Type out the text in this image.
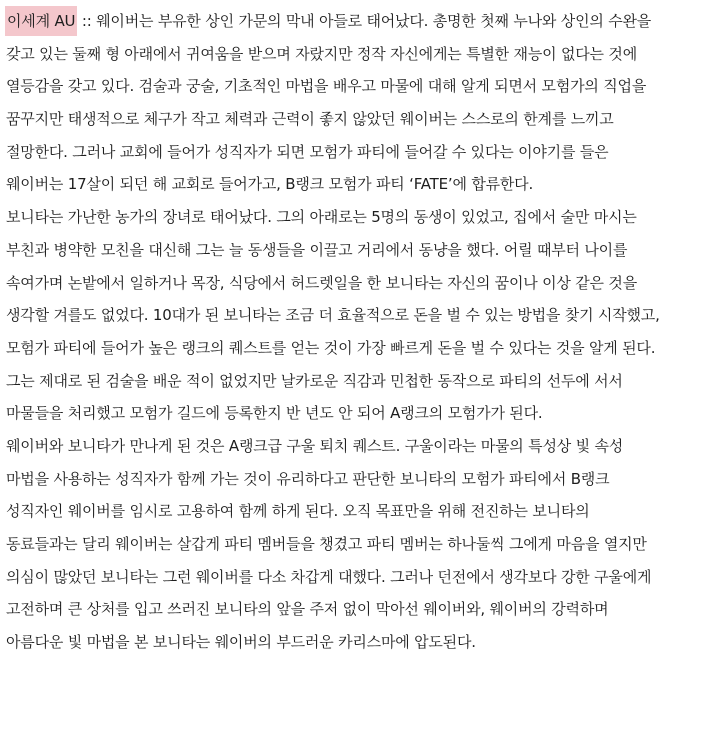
이세계 AU :: 웨이버는 부유한 상인 가문의 막내 아들로 태어났다. 총명한 첫째 누나와 상인의 수완을
갖고 있는 둘째 형 아래에서 귀여움을 받으며 자랐지만 정작 자신에게는 특별한 재능이 없다는 것에
열등감을 갖고 있다. 검술과 궁술, 기초적인 마법을 배우고 마물에 대해 알게 되면서 모험가의 직업을
꿈꾸지만 태생적으로 체구가 작고 체력과 근력이 좋지 않았던 웨이버는 스스로의 한계를 느끼고
절망한다. 그러나 교회에 들어가 성직자가 되면 모험가 파티에 들어갈 수 있다는 이야기를 들은
웨이버는 17살이 되던 해 교회로 들어가고, B랭크 모험가 파티 ‘FATE’에 합류한다.
보니타는 가난한 농가의 장녀로 태어났다. 그의 아래로는 5명의 동생이 있었고, 집에서 술만 마시는
부친과 병약한 모친을 대신해 그는 늘 동생들을 이끌고 거리에서 동냥을 했다. 어릴 때부터 나이를
속여가며 논밭에서 일하거나 목장, 식당에서 허드렛일을 한 보니타는 자신의 꿈이나 이상 같은 것을
생각할 겨를도 없었다. 10대가 된 보니타는 조금 더 효율적으로 돈을 벌 수 있는 방법을 찾기 시작했고,
모험가 파티에 들어가 높은 랭크의 퀘스트를 얻는 것이 가장 빠르게 돈을 벌 수 있다는 것을 알게 된다.
그는 제대로 된 검술을 배운 적이 없었지만 날카로운 직감과 민첩한 동작으로 파티의 선두에 서서
마물들을 처리했고 모험가 길드에 등록한지 반 년도 안 되어 A랭크의 모험가가 된다.
웨이버와 보니타가 만나게 된 것은 A랭크급 구울 퇴치 퀘스트. 구울이라는 마물의 특성상 빛 속성
마법을 사용하는 성직자가 함께 가는 것이 유리하다고 판단한 보니타의 모험가 파티에서 B랭크
성직자인 웨이버를 임시로 고용하여 함께 하게 된다. 오직 목표만을 위해 전진하는 보니타의
동료들과는 달리 웨이버는 살갑게 파티 멤버들을 챙겼고 파티 멤버는 하나둘씩 그에게 마음을 열지만
의심이 많았던 보니타는 그런 웨이버를 다소 차갑게 대했다. 그러나 던전에서 생각보다 강한 구울에게
고전하며 큰 상처를 입고 쓰러진 보니타의 앞을 주저 없이 막아선 웨이버와, 웨이버의 강력하며
아름다운 빛 마법을 본 보니타는 웨이버의 부드러운 카리스마에 압도된다.
